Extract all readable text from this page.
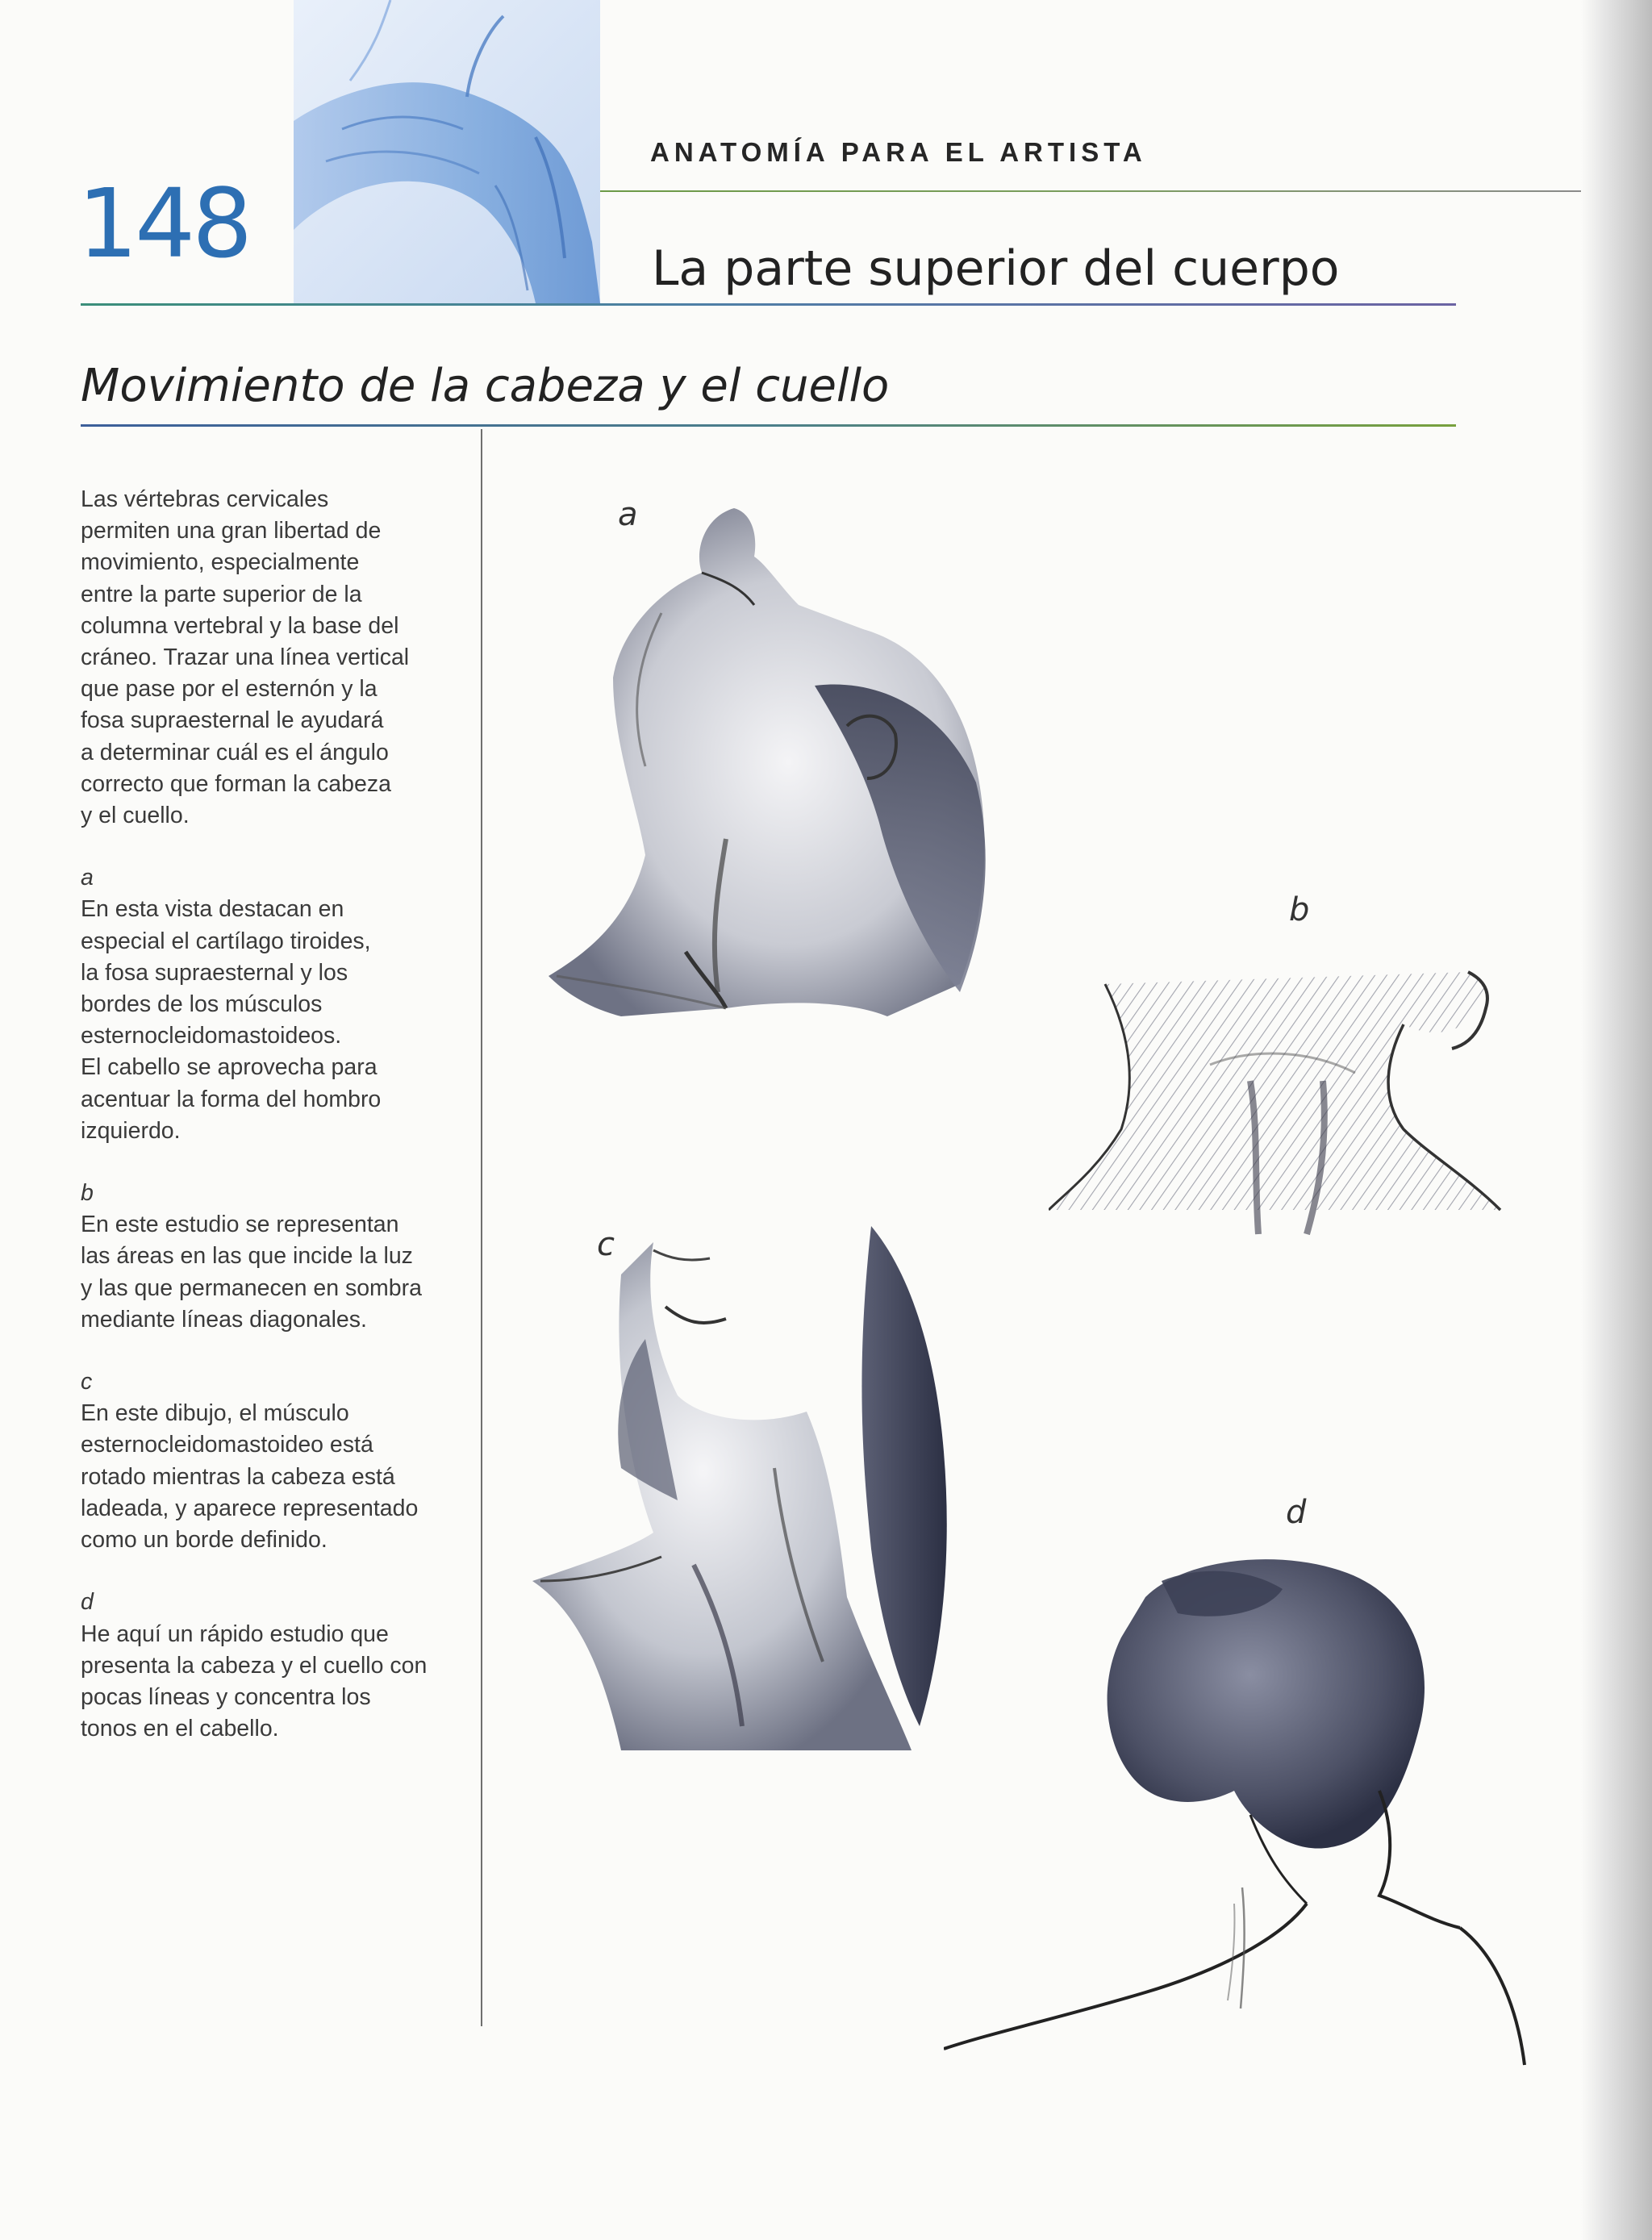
148
ANATOMÍA PARA EL ARTISTA
La parte superior del cuerpo
Movimiento de la cabeza y el cuello

Las vértebras cervicales
permiten una gran libertad de
movimiento, especialmente
entre la parte superior de la
columna vertebral y la base del
cráneo. Trazar una línea vertical
que pase por el esternón y la
fosa supraesternal le ayudará
a determinar cuál es el ángulo
correcto que forman la cabeza
y el cuello.

a
En esta vista destacan en
especial el cartílago tiroides,
la fosa supraesternal y los
bordes de los músculos
esternocleidomastoideos.
El cabello se aprovecha para
acentuar la forma del hombro
izquierdo.

b
En este estudio se representan
las áreas en las que incide la luz
y las que permanecen en sombra
mediante líneas diagonales.

c
En este dibujo, el músculo
esternocleidomastoideo está
rotado mientras la cabeza está
ladeada, y aparece representado
como un borde definido.

d
He aquí un rápido estudio que
presenta la cabeza y el cuello con
pocas líneas y concentra los
tonos en el cabello.

a
b
c
d
